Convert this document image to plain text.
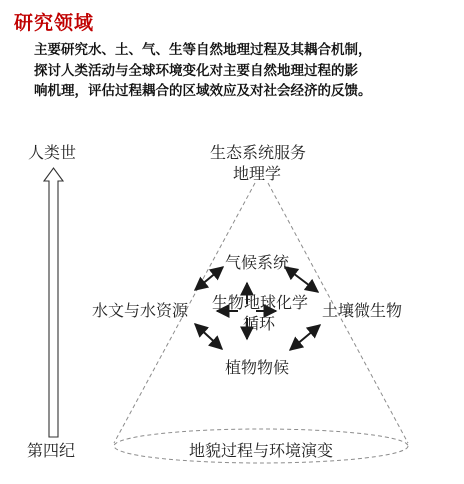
研究领域
主要研究水、土、气、生等自然地理过程及其耦合机制，
探讨人类活动与全球环境变化对主要自然地理过程的影
响机理，评估过程耦合的区域效应及对社会经济的反馈。
人类世
第四纪
生态系统服务
地理学
气候系统
水文与水资源	土壤微生物
植物物候
生物地球化学
循环
地貌过程与环境演变
